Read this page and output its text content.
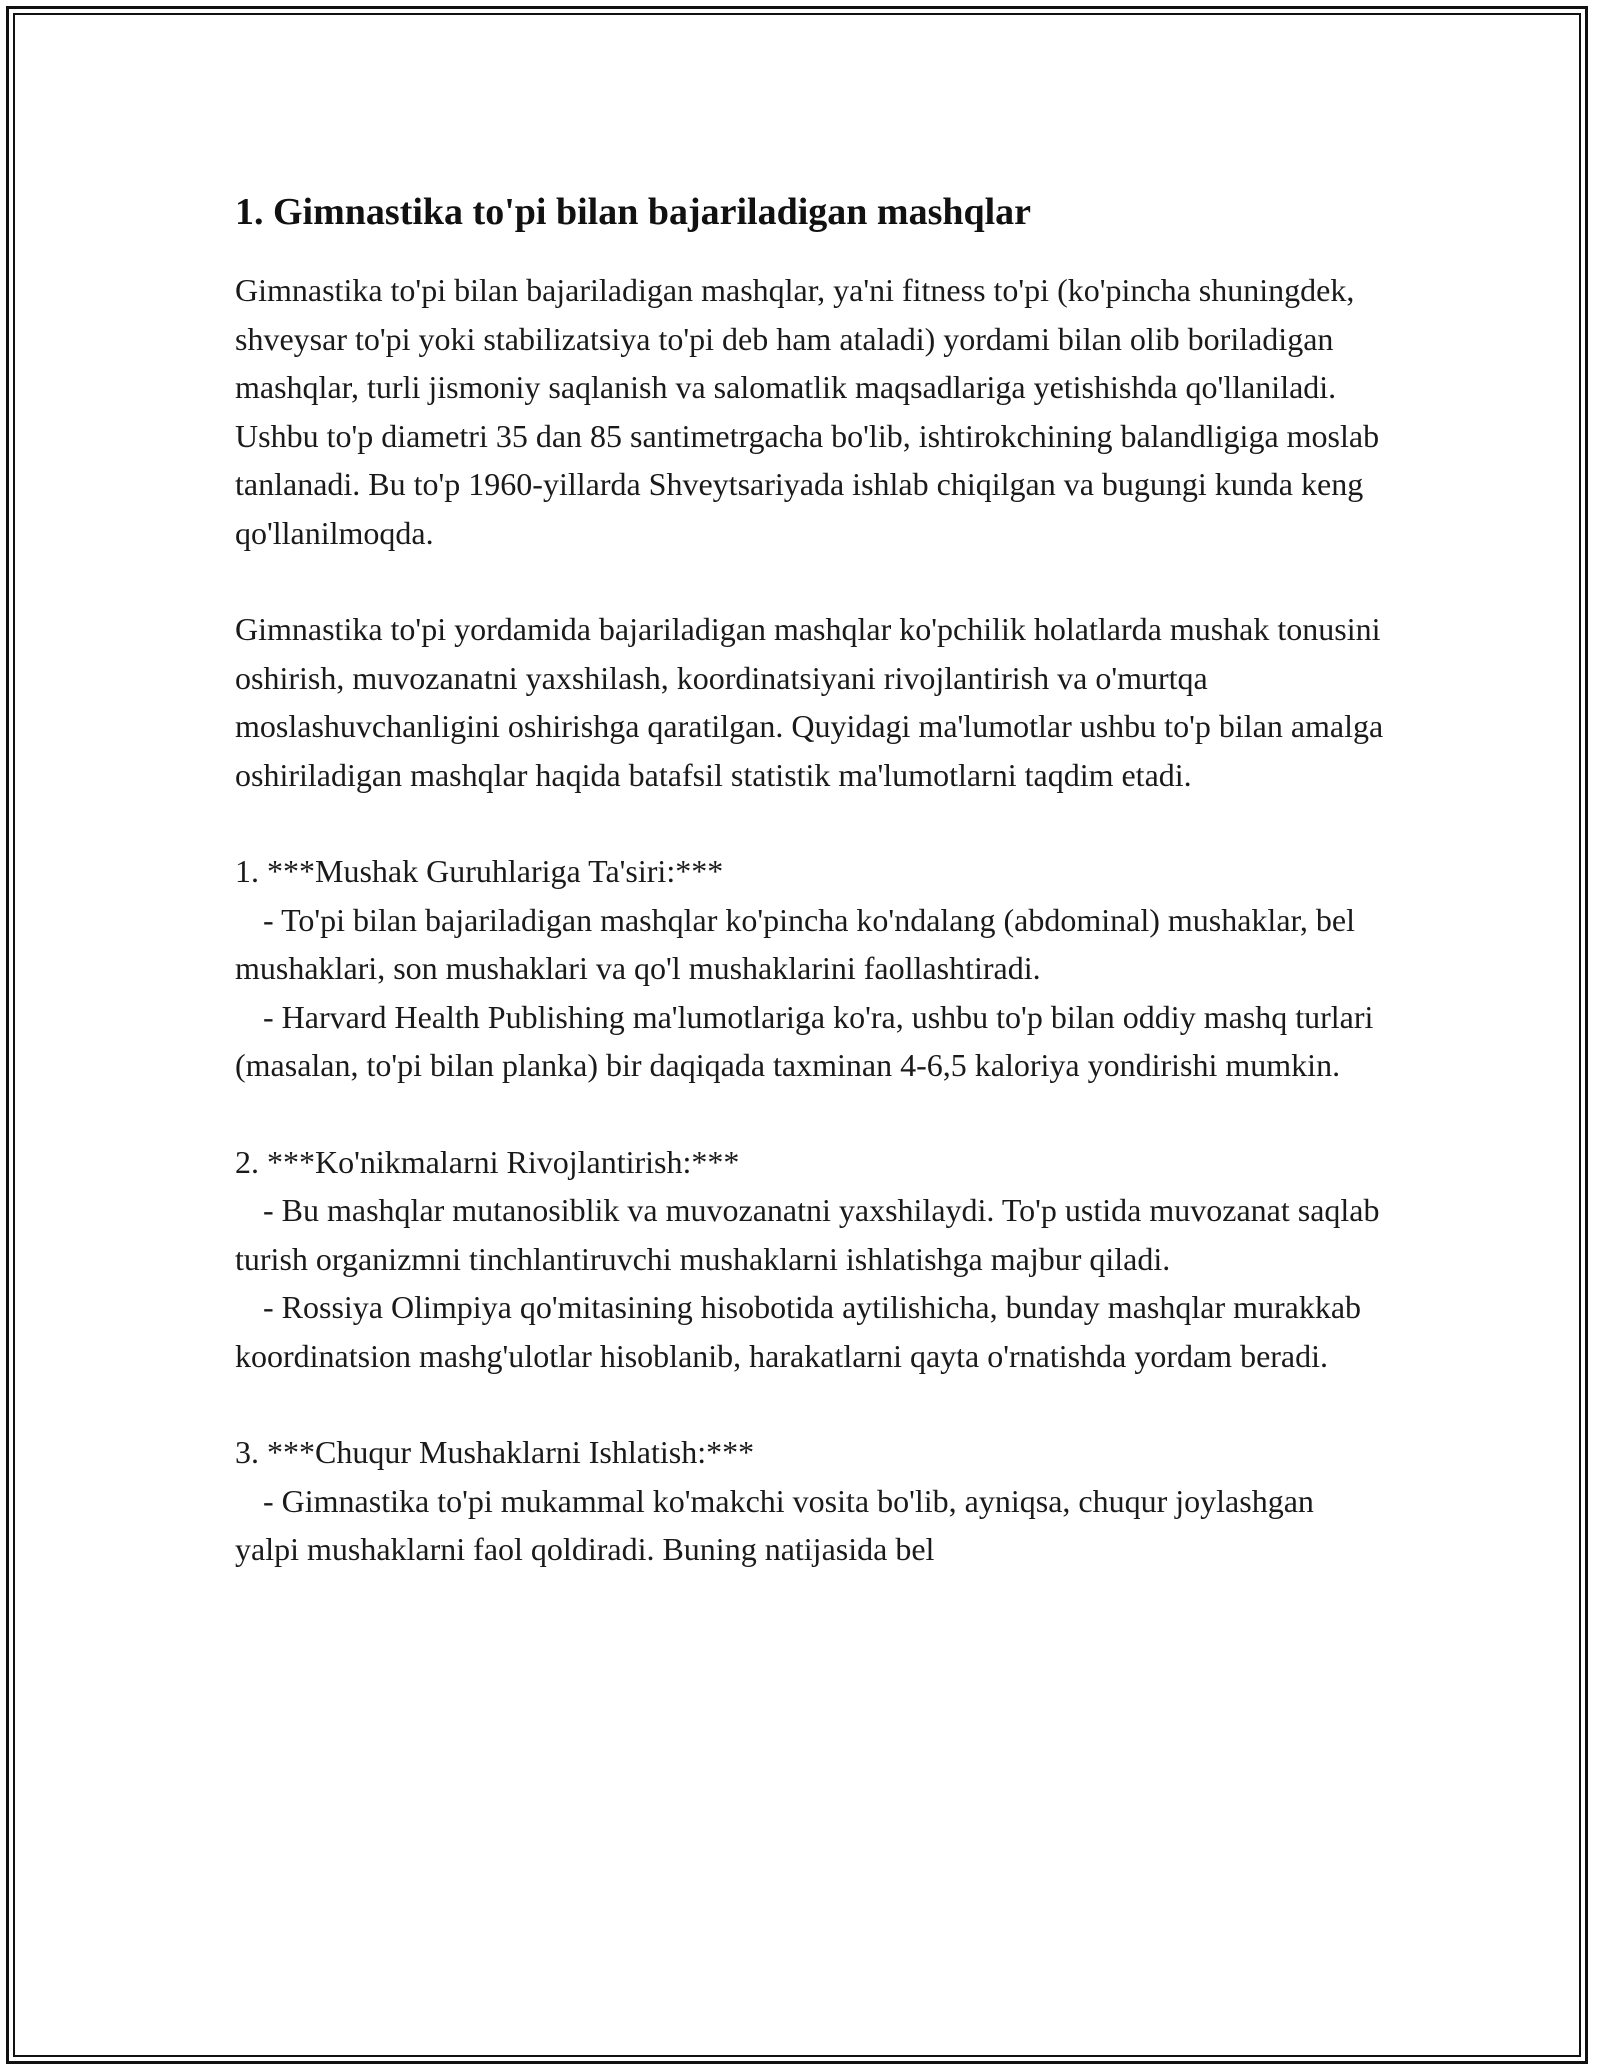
1. Gimnastika to'pi bilan bajariladigan mashqlar

Gimnastika to'pi bilan bajariladigan mashqlar, ya'ni fitness to'pi (ko'pincha shuningdek, shveysar to'pi yoki stabilizatsiya to'pi deb ham ataladi) yordami bilan olib boriladigan mashqlar, turli jismoniy saqlanish va salomatlik maqsadlariga yetishishda qo'llaniladi. Ushbu to'p diametri 35 dan 85 santimetrgacha bo'lib, ishtirokchining balandligiga moslab tanlanadi. Bu to'p 1960-yillarda Shveytsariyada ishlab chiqilgan va bugungi kunda keng qo'llanilmoqda.

Gimnastika to'pi yordamida bajariladigan mashqlar ko'pchilik holatlarda mushak tonusini oshirish, muvozanatni yaxshilash, koordinatsiyani rivojlantirish va o'murtqa moslashuvchanligini oshirishga qaratilgan. Quyidagi ma'lumotlar ushbu to'p bilan amalga oshiriladigan mashqlar haqida batafsil statistik ma'lumotlarni taqdim etadi.

1. ***Mushak Guruhlariga Ta'siri:***
- To'pi bilan bajariladigan mashqlar ko'pincha ko'ndalang (abdominal) mushaklar, bel mushaklari, son mushaklari va qo'l mushaklarini faollashtiradi.
- Harvard Health Publishing ma'lumotlariga ko'ra, ushbu to'p bilan oddiy mashq turlari (masalan, to'pi bilan planka) bir daqiqada taxminan 4-6,5 kaloriya yondirishi mumkin.
2. ***Ko'nikmalarni Rivojlantirish:***
- Bu mashqlar mutanosiblik va muvozanatni yaxshilaydi. To'p ustida muvozanat saqlab turish organizmni tinchlantiruvchi mushaklarni ishlatishga majbur qiladi.
- Rossiya Olimpiya qo'mitasining hisobotida aytilishicha, bunday mashqlar murakkab koordinatsion mashg'ulotlar hisoblanib, harakatlarni qayta o'rnatishda yordam beradi.
3. ***Chuqur Mushaklarni Ishlatish:***
- Gimnastika to'pi mukammal ko'makchi vosita bo'lib, ayniqsa, chuqur joylashgan yalpi mushaklarni faol qoldiradi. Buning natijasida bel
